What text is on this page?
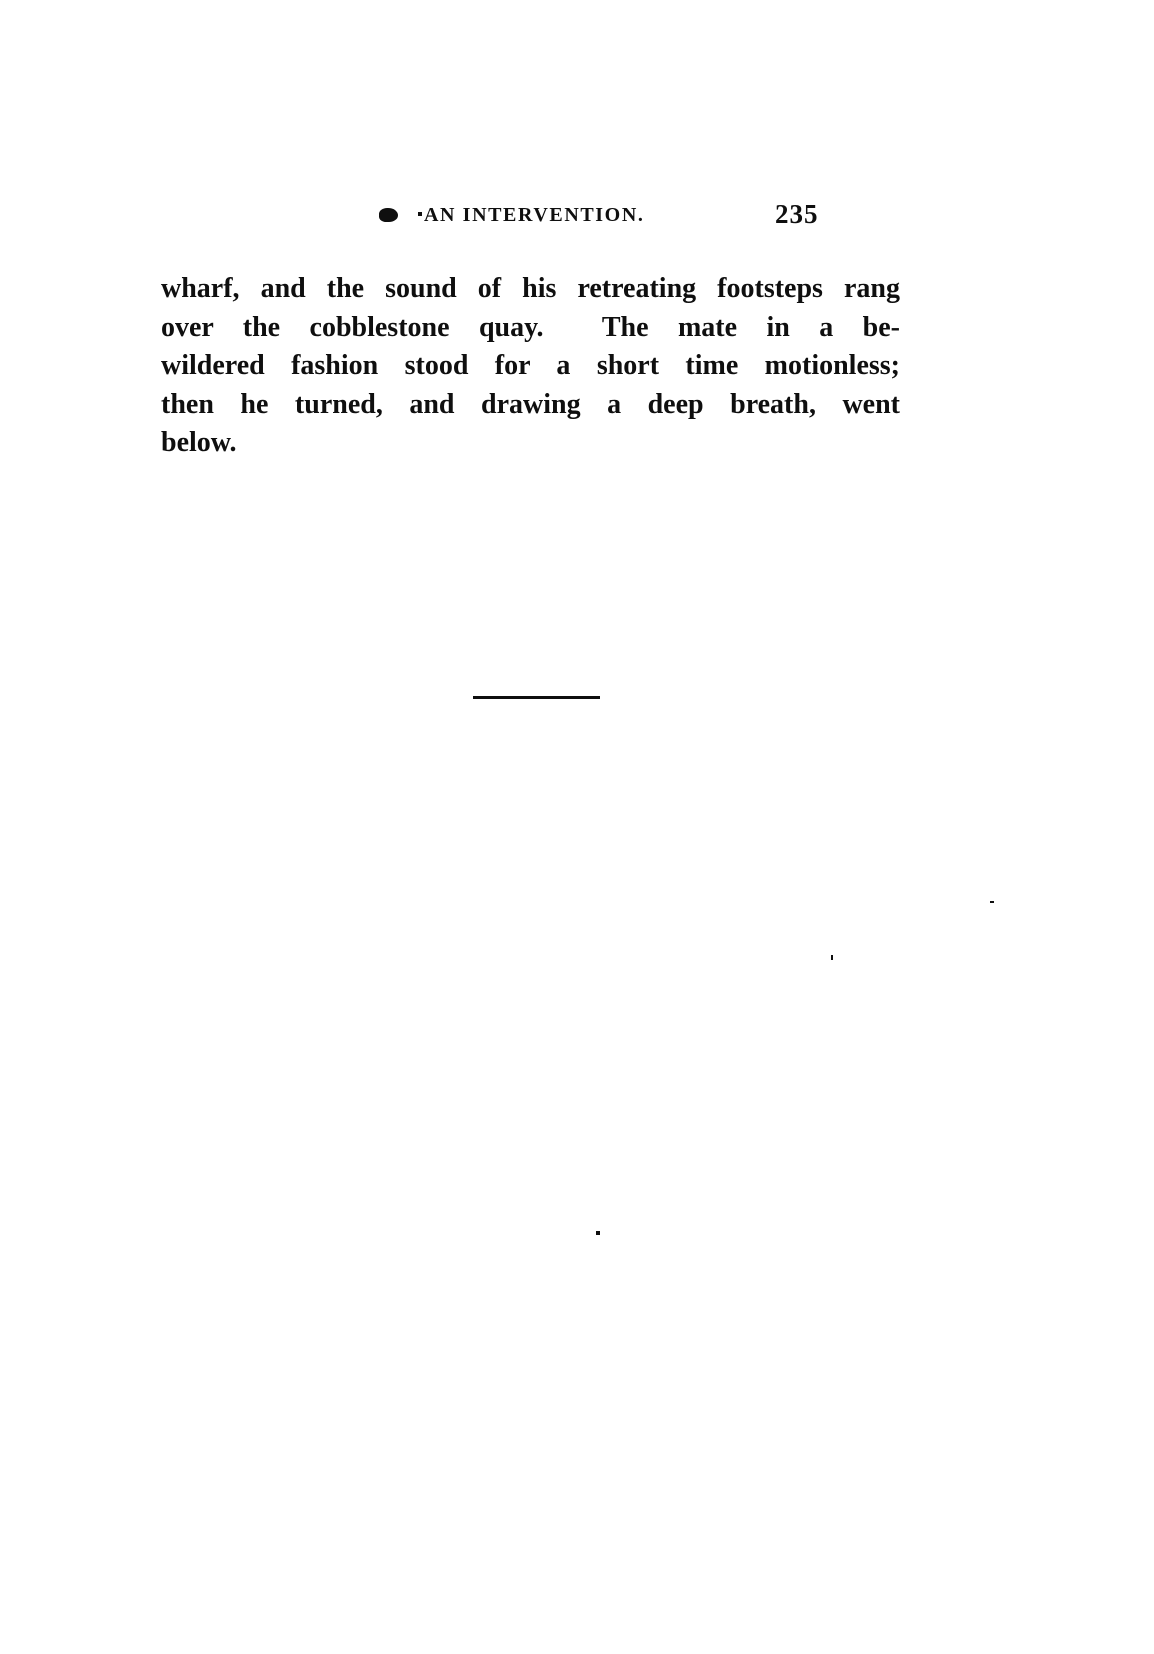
AN INTERVENTION.	235
wharf, and the sound of his retreating footsteps rang
over the cobblestone quay.  The mate in a be-
wildered fashion stood for a short time motionless;
then he turned, and drawing a deep breath, went
below.
